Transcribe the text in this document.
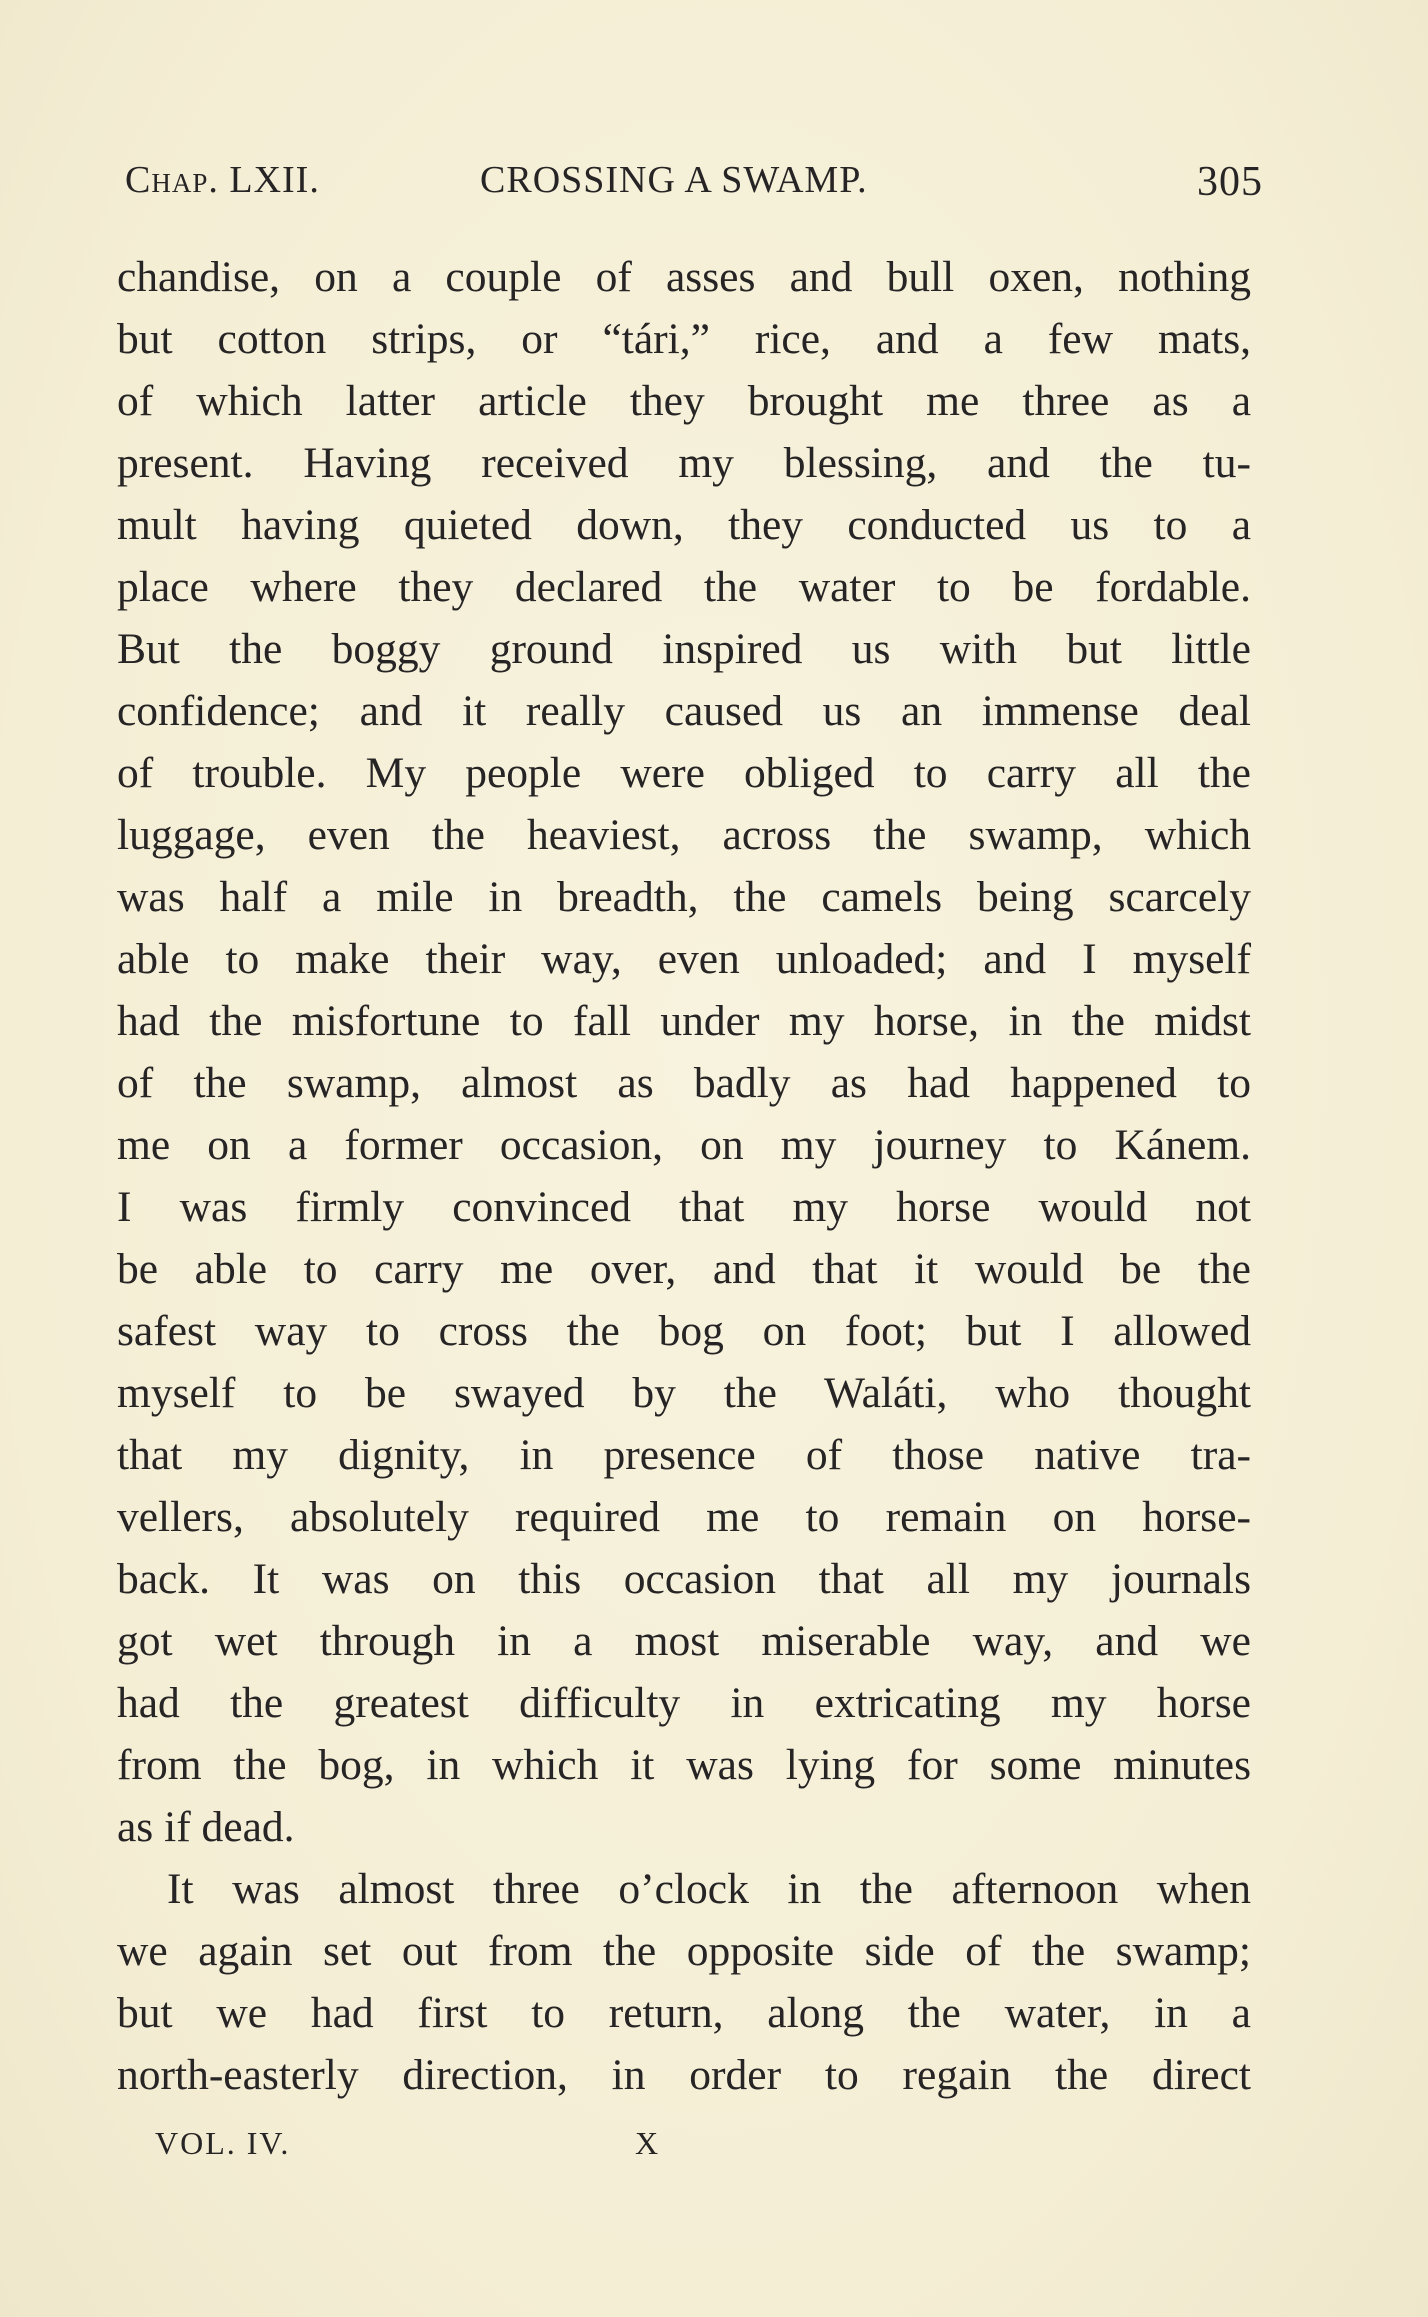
Chap. LXII.	CROSSING A SWAMP.	305
chandise, on a couple of asses and bull oxen, nothing
but cotton strips, or “tári,” rice, and a few mats,
of which latter article they brought me three as a
present. Having received my blessing, and the tu-
mult having quieted down, they conducted us to a
place where they declared the water to be fordable.
But the boggy ground inspired us with but little
confidence; and it really caused us an immense deal
of trouble. My people were obliged to carry all the
luggage, even the heaviest, across the swamp, which
was half a mile in breadth, the camels being scarcely
able to make their way, even unloaded; and I myself
had the misfortune to fall under my horse, in the midst
of the swamp, almost as badly as had happened to
me on a former occasion, on my journey to Kánem.
I was firmly convinced that my horse would not
be able to carry me over, and that it would be the
safest way to cross the bog on foot; but I allowed
myself to be swayed by the Waláti, who thought
that my dignity, in presence of those native tra-
vellers, absolutely required me to remain on horse-
back. It was on this occasion that all my journals
got wet through in a most miserable way, and we
had the greatest difficulty in extricating my horse
from the bog, in which it was lying for some minutes
as if dead.
It was almost three o’clock in the afternoon when
we again set out from the opposite side of the swamp;
but we had first to return, along the water, in a
north-easterly direction, in order to regain the direct
VOL. IV.	X
